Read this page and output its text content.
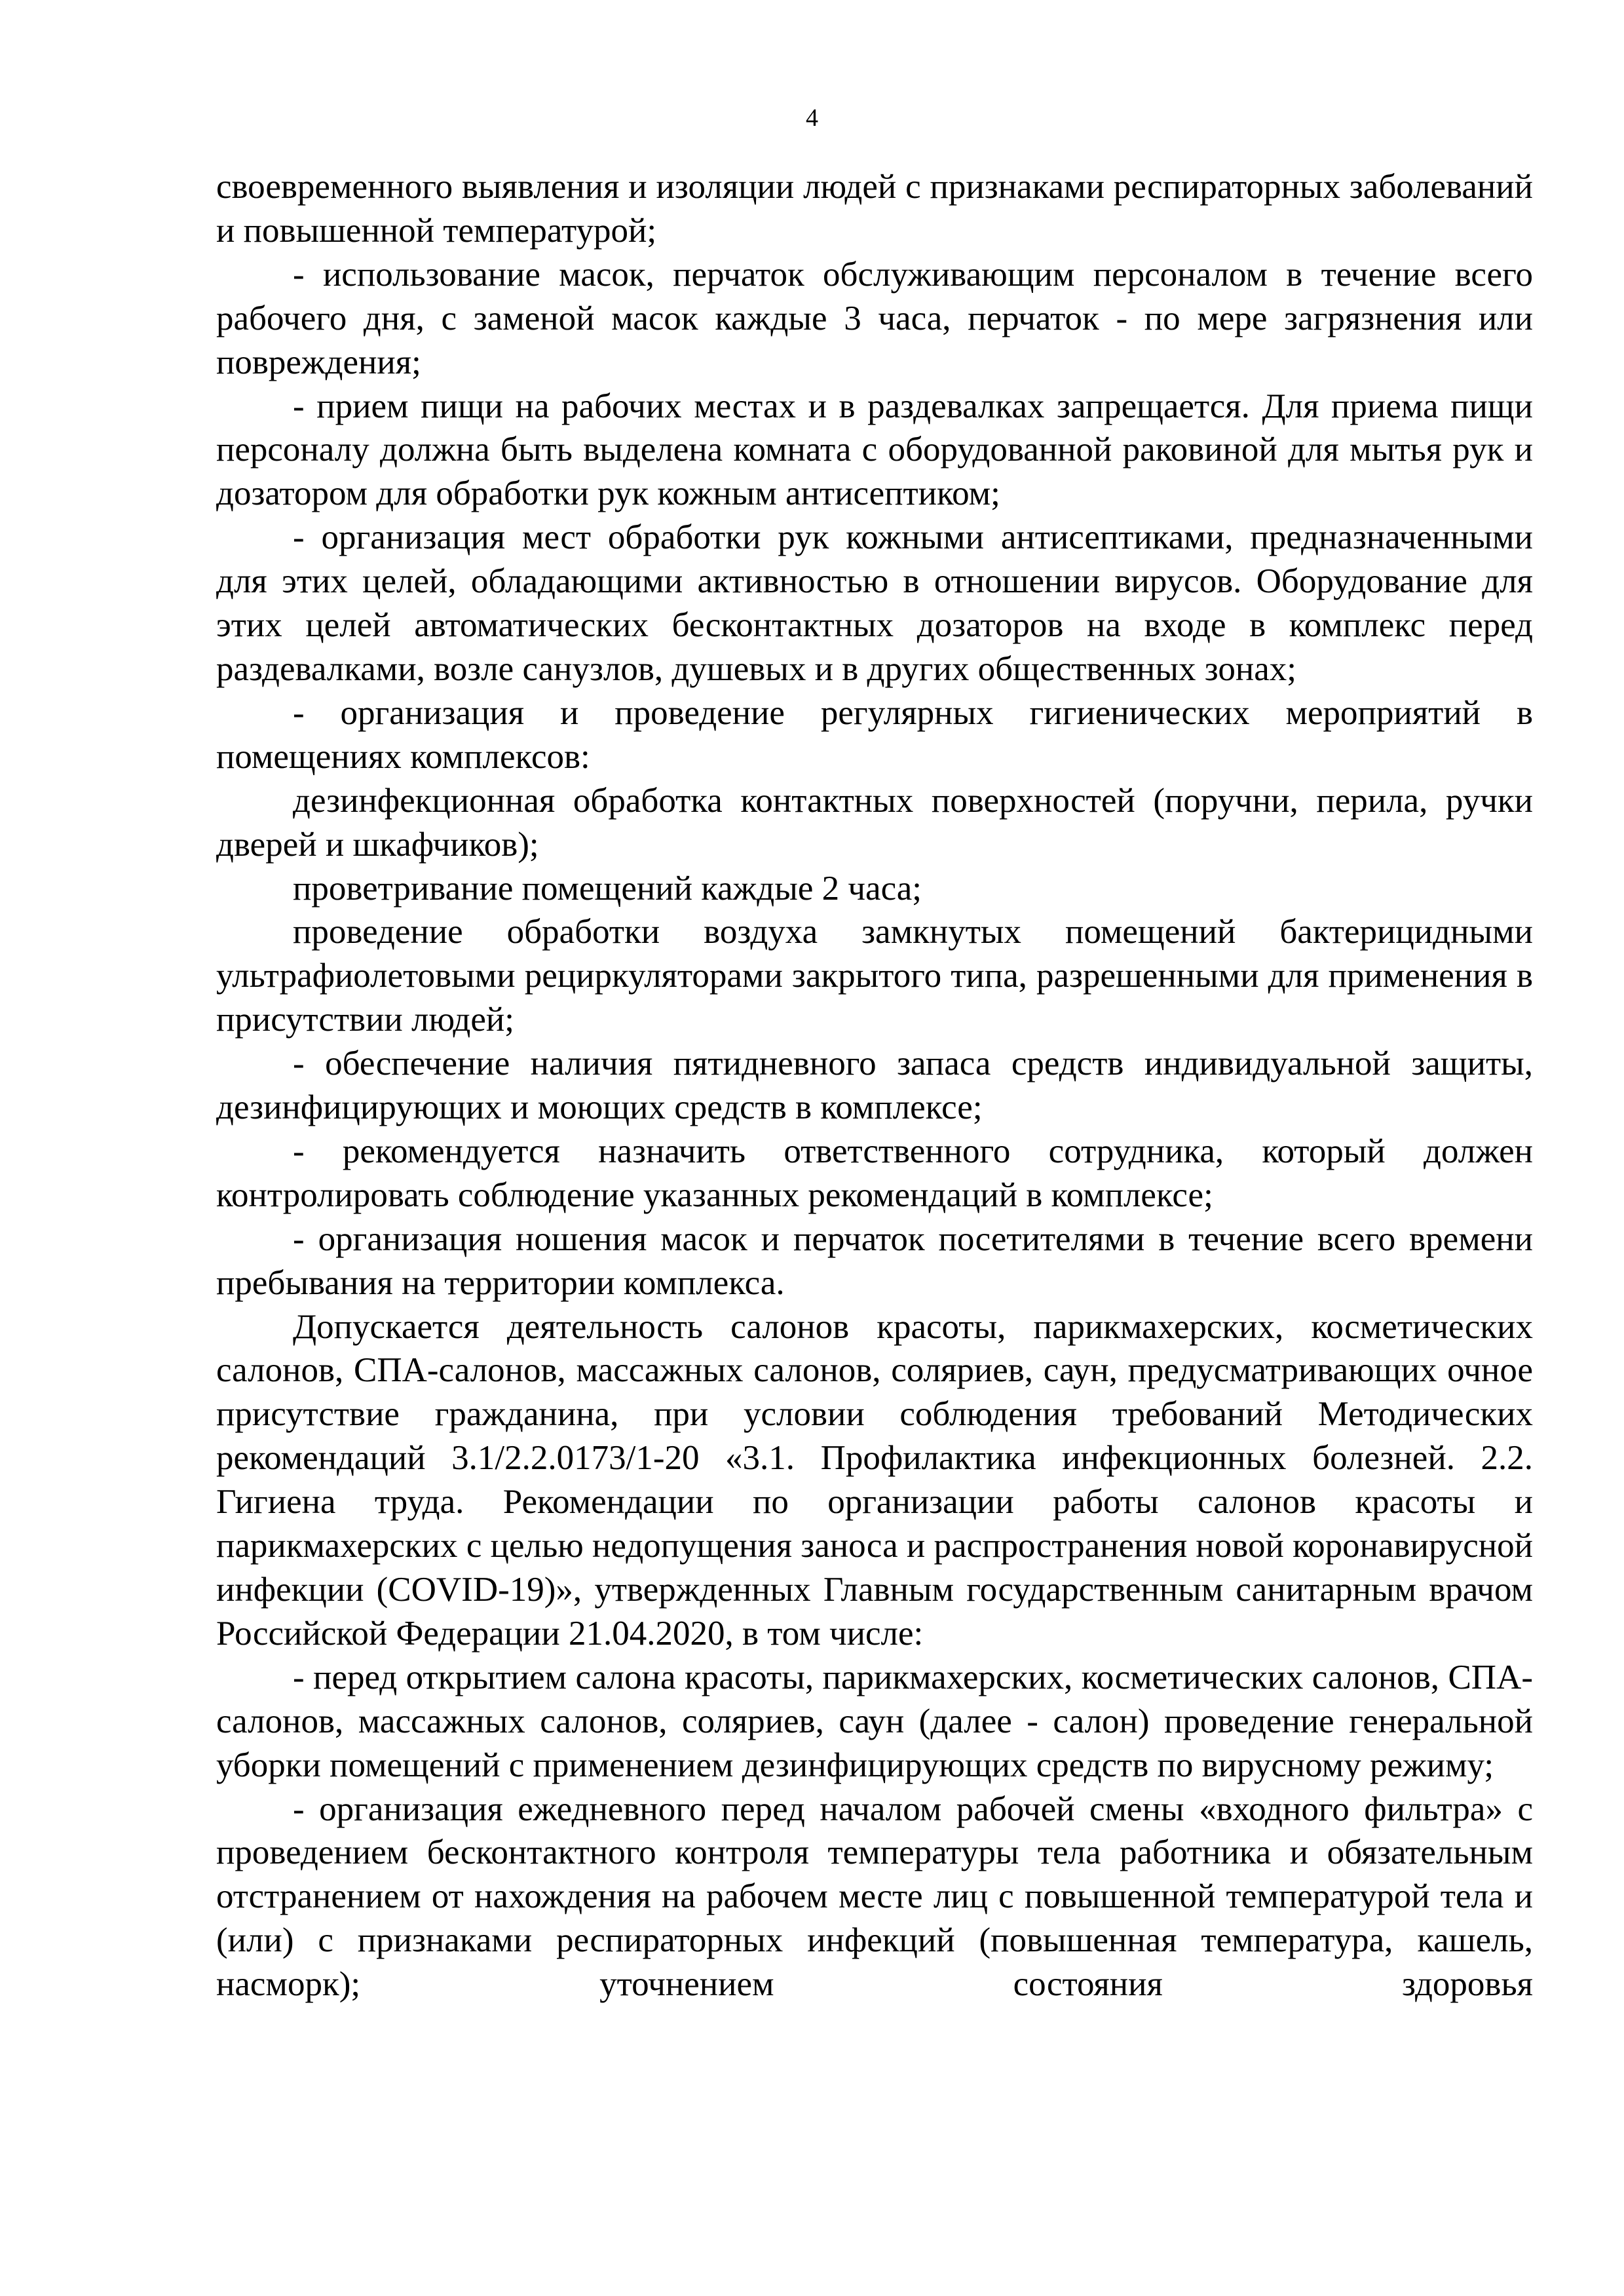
4

своевременного выявления и изоляции людей с признаками респираторных заболеваний и повышенной температурой;

- использование масок, перчаток обслуживающим персоналом в течение всего рабочего дня, с заменой масок каждые 3 часа, перчаток - по мере загрязнения или повреждения;

- прием пищи на рабочих местах и в раздевалках запрещается. Для приема пищи персоналу должна быть выделена комната с оборудованной раковиной для мытья рук и дозатором для обработки рук кожным антисептиком;

- организация мест обработки рук кожными антисептиками, предназначенными для этих целей, обладающими активностью в отношении вирусов. Оборудование для этих целей автоматических бесконтактных дозаторов на входе в комплекс перед раздевалками, возле санузлов, душевых и в других общественных зонах;

- организация и проведение регулярных гигиенических мероприятий в помещениях комплексов:

дезинфекционная обработка контактных поверхностей (поручни, перила, ручки дверей и шкафчиков);

проветривание помещений каждые 2 часа;

проведение обработки воздуха замкнутых помещений бактерицидными ультрафиолетовыми рециркуляторами закрытого типа, разрешенными для применения в присутствии людей;

- обеспечение наличия пятидневного запаса средств индивидуальной защиты, дезинфицирующих и моющих средств в комплексе;

- рекомендуется назначить ответственного сотрудника, который должен контролировать соблюдение указанных рекомендаций в комплексе;

- организация ношения масок и перчаток посетителями в течение всего времени пребывания на территории комплекса.

Допускается деятельность салонов красоты, парикмахерских, косметических салонов, СПА-салонов, массажных салонов, соляриев, саун, предусматривающих очное присутствие гражданина, при условии соблюдения требований Методических рекомендаций 3.1/2.2.0173/1-20 «3.1. Профилактика инфекционных болезней. 2.2. Гигиена труда. Рекомендации по организации работы салонов красоты и парикмахерских с целью недопущения заноса и распространения новой коронавирусной инфекции (COVID-19)», утвержденных Главным государственным санитарным врачом Российской Федерации 21.04.2020, в том числе:

- перед открытием салона красоты, парикмахерских, косметических салонов, СПА-салонов, массажных салонов, соляриев, саун (далее - салон) проведение генеральной уборки помещений с применением дезинфицирующих средств по вирусному режиму;

- организация ежедневного перед началом рабочей смены «входного фильтра» с проведением бесконтактного контроля температуры тела работника и обязательным отстранением от нахождения на рабочем месте лиц с повышенной температурой тела и (или) с признаками респираторных инфекций (повышенная температура, кашель, насморк); уточнением состояния здоровья
